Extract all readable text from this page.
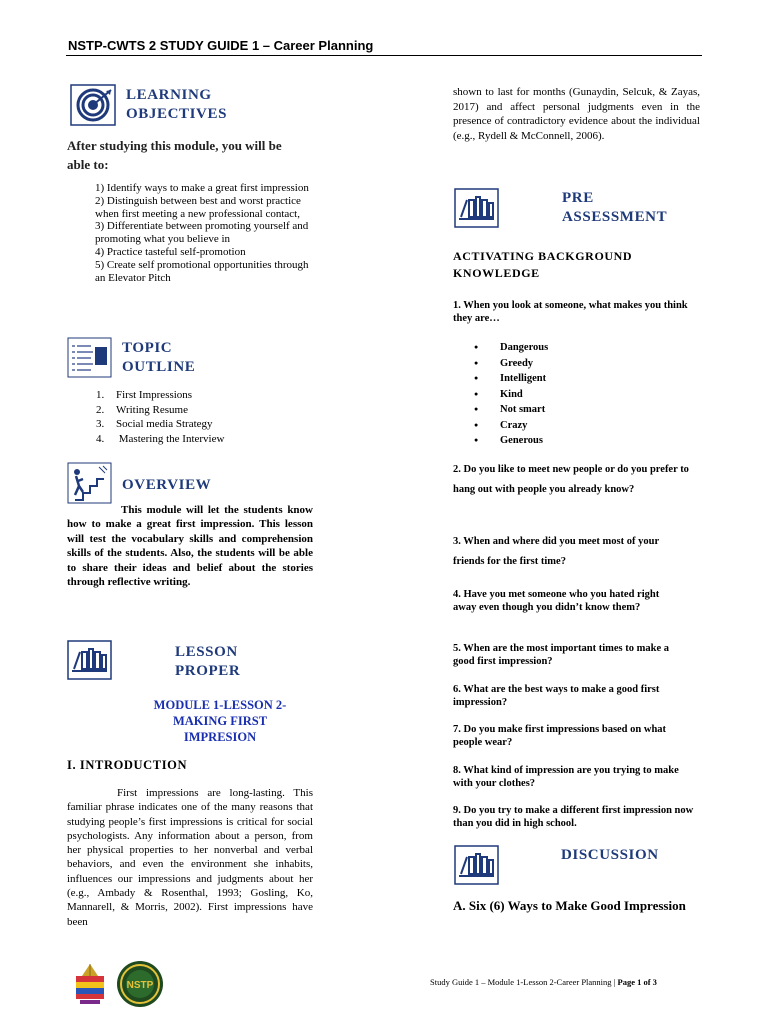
NSTP-CWTS 2 STUDY GUIDE 1 – Career Planning
LEARNING
OBJECTIVES
After studying this module, you will be able to:
1) Identify ways to make a great first impression
2) Distinguish between best and worst practice when first meeting a new professional contact,
3) Differentiate between promoting yourself and promoting what you believe in
4) Practice tasteful self-promotion
5) Create self promotional opportunities through an Elevator Pitch
TOPIC
OUTLINE
1. First Impressions
2. Writing Resume
3. Social media Strategy
4. Mastering the Interview
OVERVIEW
This module will let the students know how to make a great first impression. This lesson will test the vocabulary skills and comprehension skills of the students. Also, the students will be able to share their ideas and belief about the stories through reflective writing.
LESSON
PROPER
MODULE 1-LESSON 2-
MAKING FIRST
IMPRESION
I. INTRODUCTION
First impressions are long-lasting. This familiar phrase indicates one of the many reasons that studying people’s first impressions is critical for social psychologists. Any information about a person, from her physical properties to her nonverbal and verbal behaviors, and even the environment she inhabits, influences our impressions and judgments about her (e.g., Ambady & Rosenthal, 1993; Gosling, Ko, Mannarell, & Morris, 2002). First impressions have been
shown to last for months (Gunaydin, Selcuk, & Zayas, 2017) and affect personal judgments even in the presence of contradictory evidence about the individual (e.g., Rydell & McConnell, 2006).
PRE
ASSESSMENT
ACTIVATING BACKGROUND
KNOWLEDGE
1. When you look at someone, what makes you think they are…
● Dangerous
● Greedy
● Intelligent
● Kind
● Not smart
● Crazy
● Generous
2. Do you like to meet new people or do you prefer to hang out with people you already know?
3. When and where did you meet most of your friends for the first time?
4. Have you met someone who you hated right away even though you didn’t know them?
5. When are the most important times to make a good first impression?
6. What are the best ways to make a good first impression?
7. Do you make first impressions based on what people wear?
8. What kind of impression are you trying to make with your clothes?
9. Do you try to make a different first impression now than you did in high school.
DISCUSSION
A. Six (6) Ways to Make Good Impression
NSTP	Study Guide 1 – Module 1-Lesson 2-Career Planning | Page 1 of 3
